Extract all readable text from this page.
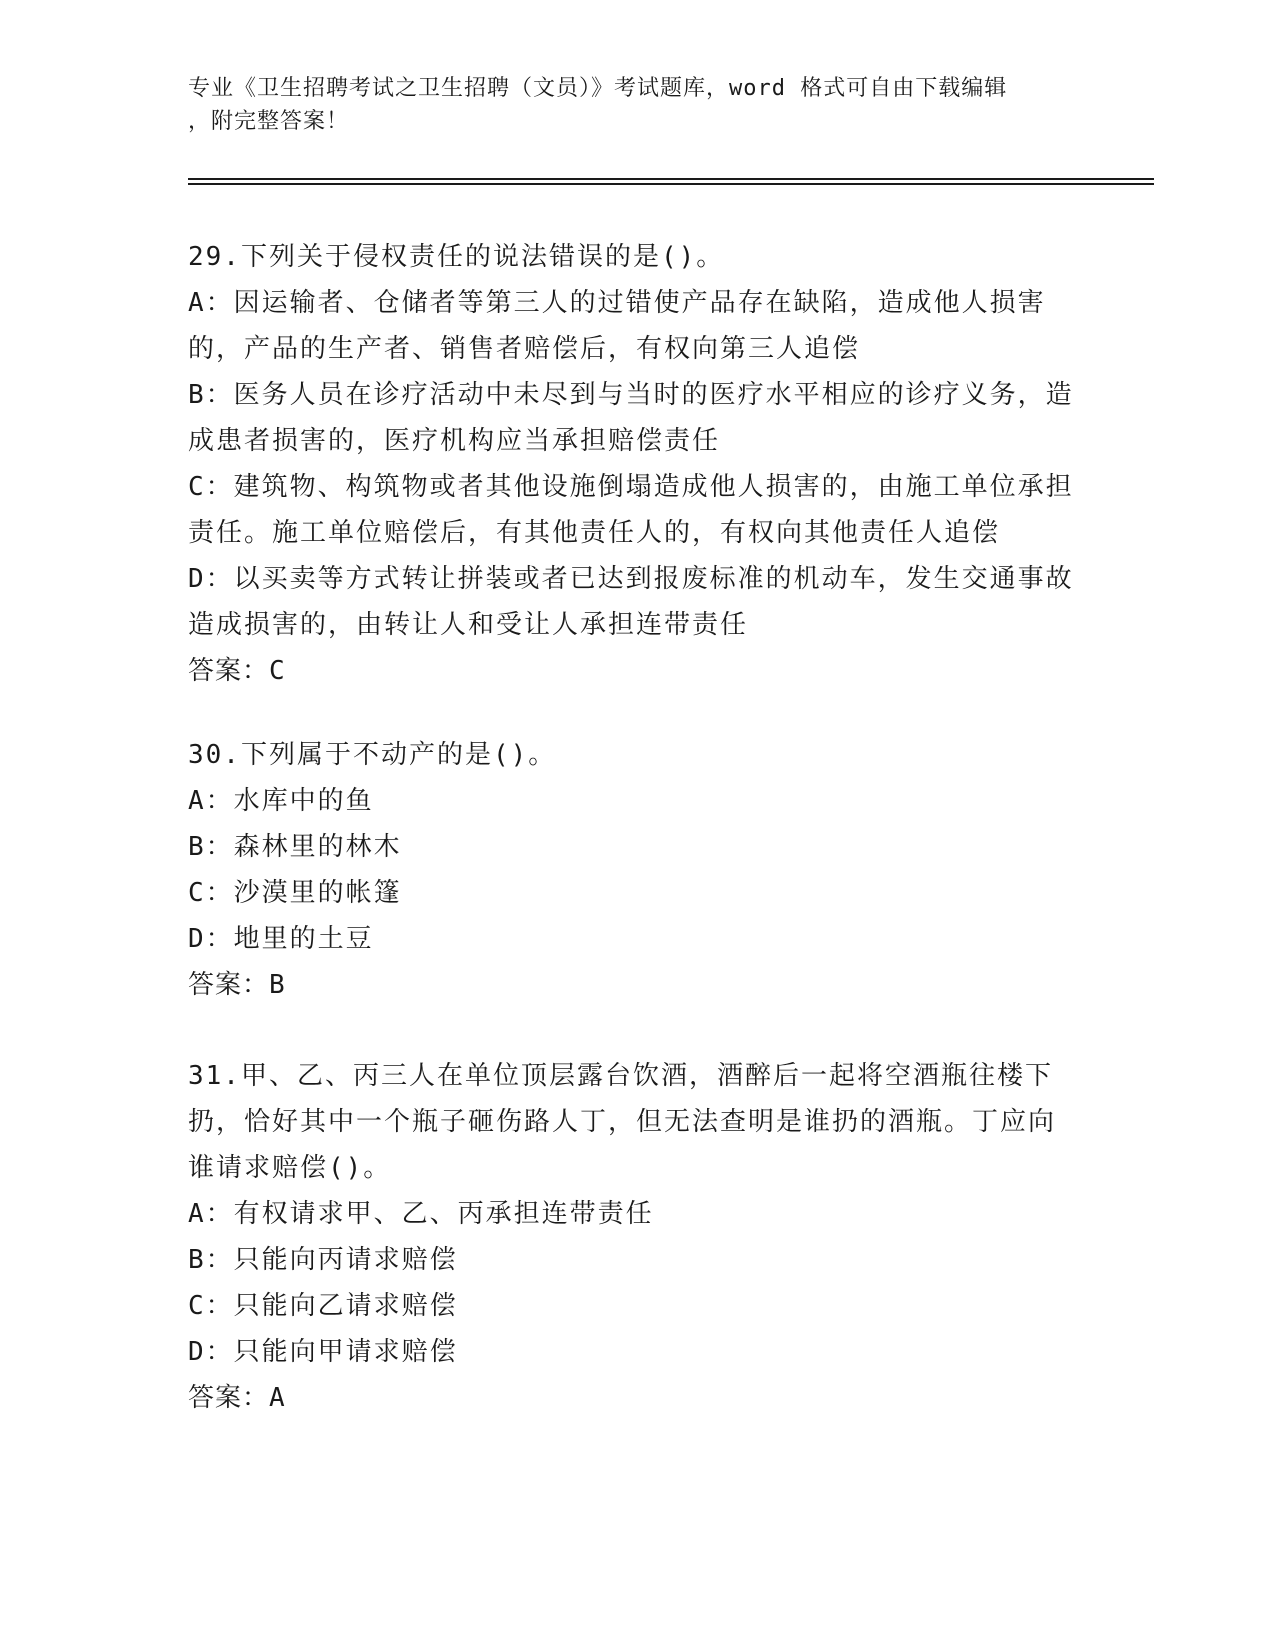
专业《卫生招聘考试之卫生招聘（文员）》考试题库，word 格式可自由下载编辑
，附完整答案！
29.下列关于侵权责任的说法错误的是()。
A：因运输者、仓储者等第三人的过错使产品存在缺陷，造成他人损害的，产品的生产者、销售者赔偿后，有权向第三人追偿
B：医务人员在诊疗活动中未尽到与当时的医疗水平相应的诊疗义务，造成患者损害的，医疗机构应当承担赔偿责任
C：建筑物、构筑物或者其他设施倒塌造成他人损害的，由施工单位承担责任。施工单位赔偿后，有其他责任人的，有权向其他责任人追偿
D：以买卖等方式转让拼装或者已达到报废标准的机动车，发生交通事故造成损害的，由转让人和受让人承担连带责任
答案：C
30.下列属于不动产的是()。
A：水库中的鱼
B：森林里的林木
C：沙漠里的帐篷
D：地里的土豆
答案：B
31.甲、乙、丙三人在单位顶层露台饮酒，酒醉后一起将空酒瓶往楼下扔，恰好其中一个瓶子砸伤路人丁，但无法查明是谁扔的酒瓶。丁应向谁请求赔偿()。
A：有权请求甲、乙、丙承担连带责任
B：只能向丙请求赔偿
C：只能向乙请求赔偿
D：只能向甲请求赔偿
答案：A
